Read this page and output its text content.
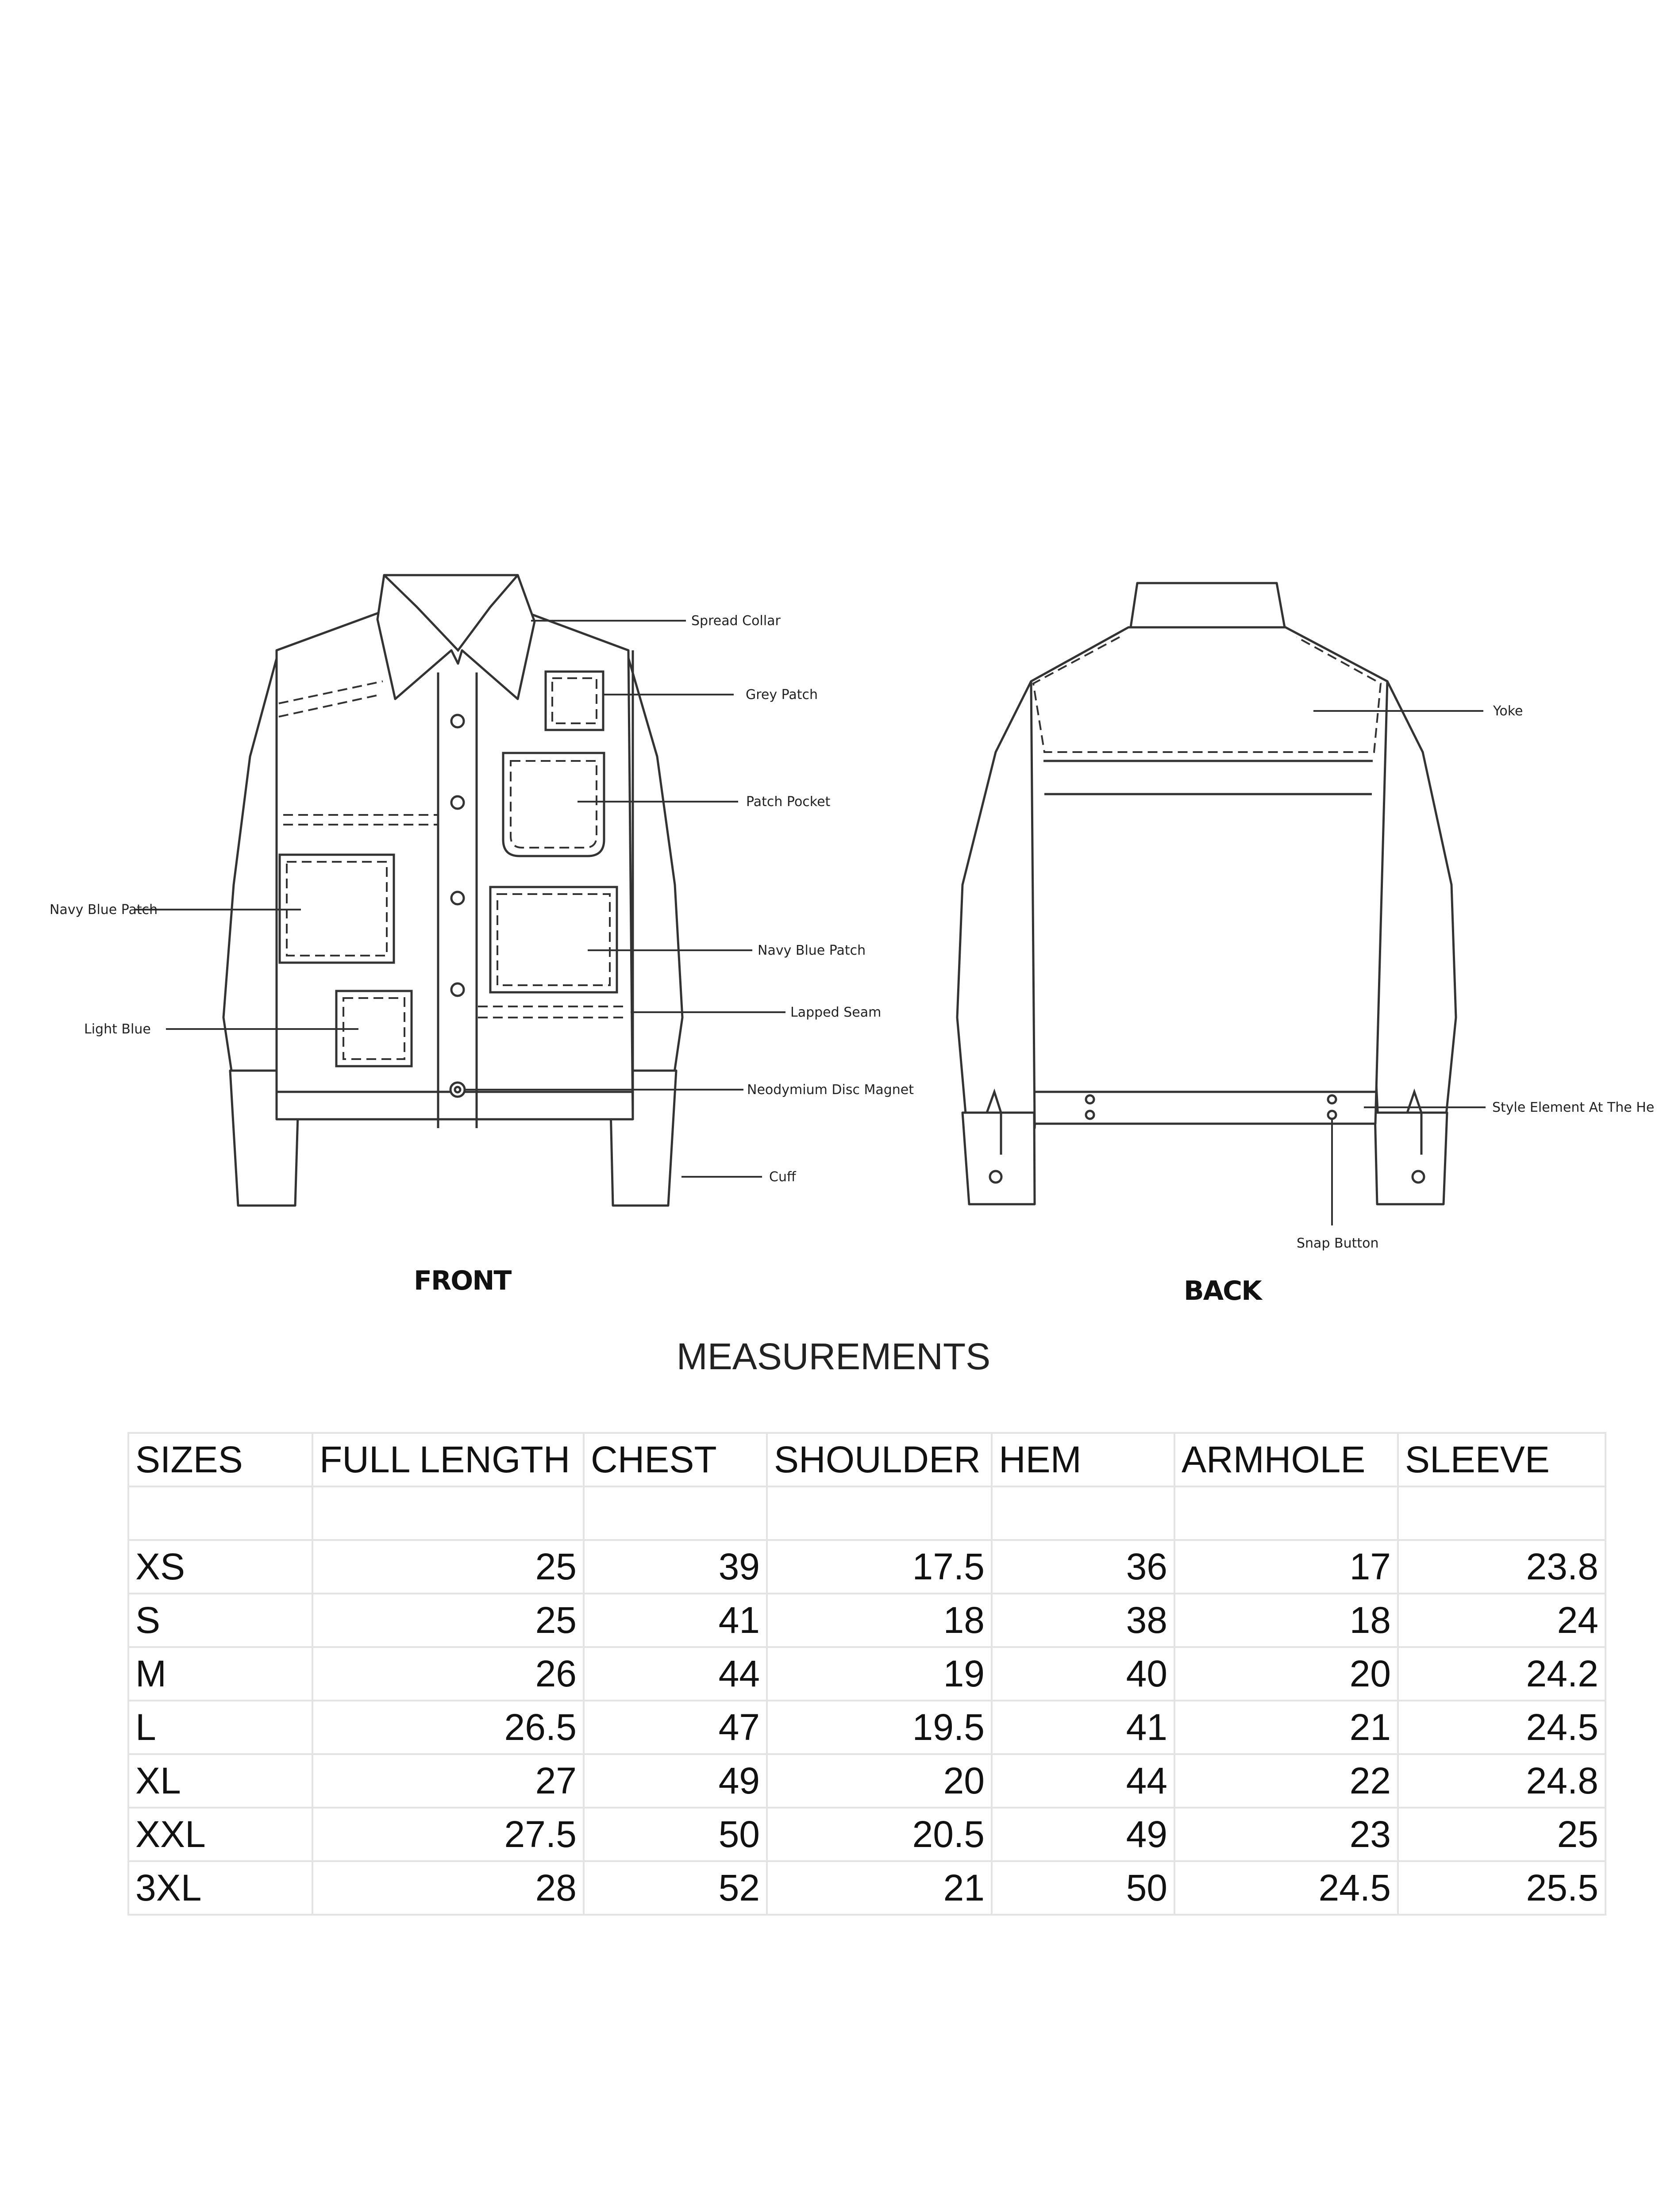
Spread Collar
Grey Patch
Patch Pocket
Navy Blue Patch
Navy Blue Patch
Lapped Seam
Light Blue
Neodymium Disc Magnet
Cuff
FRONT
Yoke
Style Element At The He
Snap Button
BACK
MEASUREMENTS
SIZES	FULL LENGTH	CHEST	SHOULDER	HEM	ARMHOLE	SLEEVE

XS	25	39	17.5	36	17	23.8
S	25	41	18	38	18	24
M	26	44	19	40	20	24.2
L	26.5	47	19.5	41	21	24.5
XL	27	49	20	44	22	24.8
XXL	27.5	50	20.5	49	23	25
3XL	28	52	21	50	24.5	25.5
